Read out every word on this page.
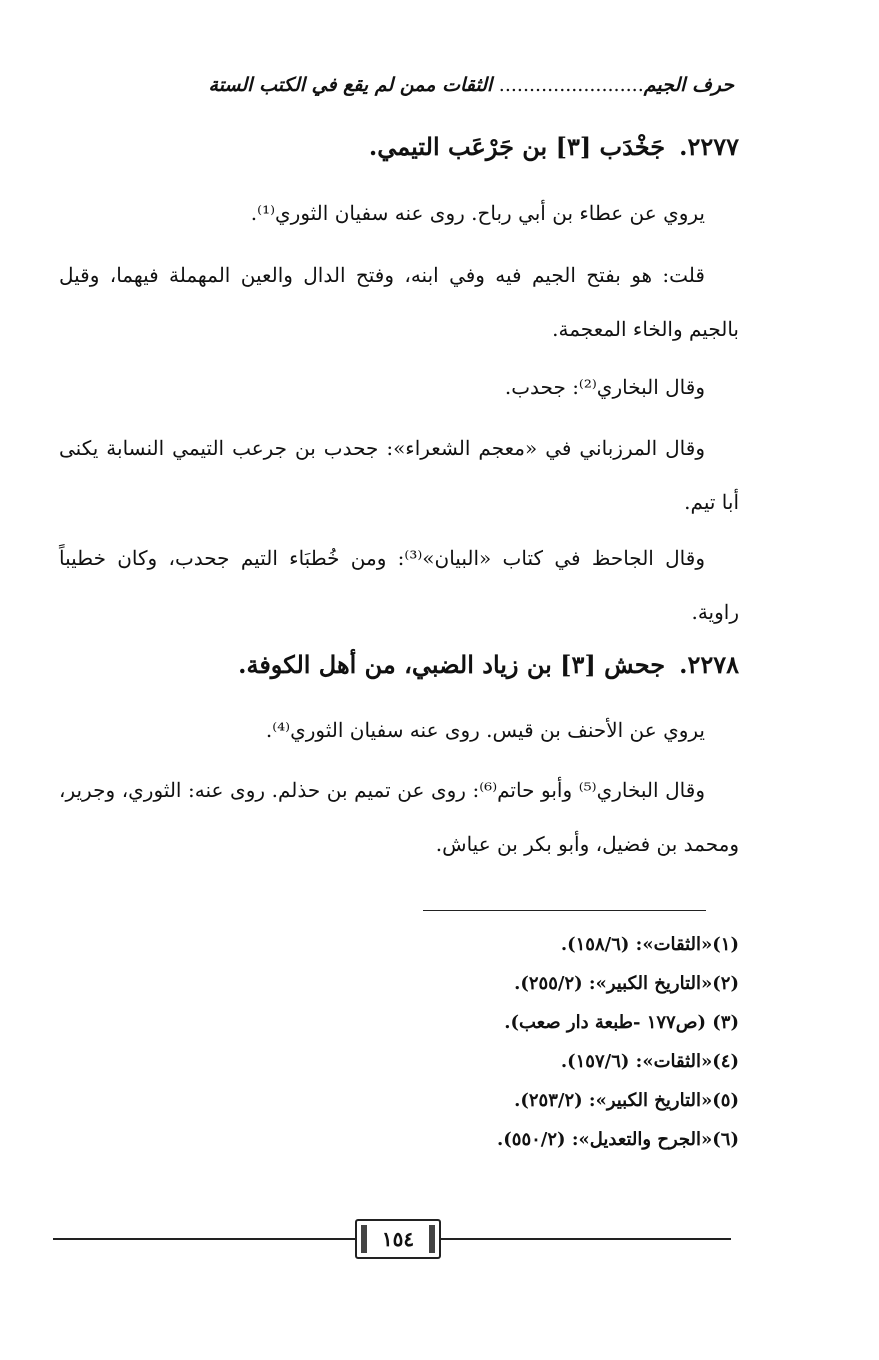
حرف الجيم........................ الثقات ممن لم يقع في الكتب الستة
٢٢٧٧.جَخْدَب [٣] بن جَرْعَب التيمي.
يروي عن عطاء بن أبي رباح. روى عنه سفيان الثوري⁽¹⁾.
قلت: هو بفتح الجيم فيه وفي ابنه، وفتح الدال والعين المهملة فيهما، وقيل بالجيم والخاء المعجمة.
وقال البخاري⁽²⁾: جحدب.
وقال المرزباني في «معجم الشعراء»: جحدب بن جرعب التيمي النسابة يكنى أبا تيم.
وقال الجاحظ في كتاب «البيان»⁽³⁾: ومن خُطبَاء التيم جحدب، وكان خطيباً راوية.
٢٢٧٨.جحش [٣] بن زياد الضبي، من أهل الكوفة.
يروي عن الأحنف بن قيس. روى عنه سفيان الثوري⁽⁴⁾.
وقال البخاري⁽⁵⁾ وأبو حاتم⁽⁶⁾: روى عن تميم بن حذلم. روى عنه: الثوري، وجرير، ومحمد بن فضيل، وأبو بكر بن عياش.
(١)«الثقات»: (١٥٨/٦).
(٢)«التاريخ الكبير»: (٢٥٥/٢).
(٣) (ص١٧٧ -طبعة دار صعب).
(٤)«الثقات»: (١٥٧/٦).
(٥)«التاريخ الكبير»: (٢٥٣/٢).
(٦)«الجرح والتعديل»: (٥٥٠/٢).
١٥٤
